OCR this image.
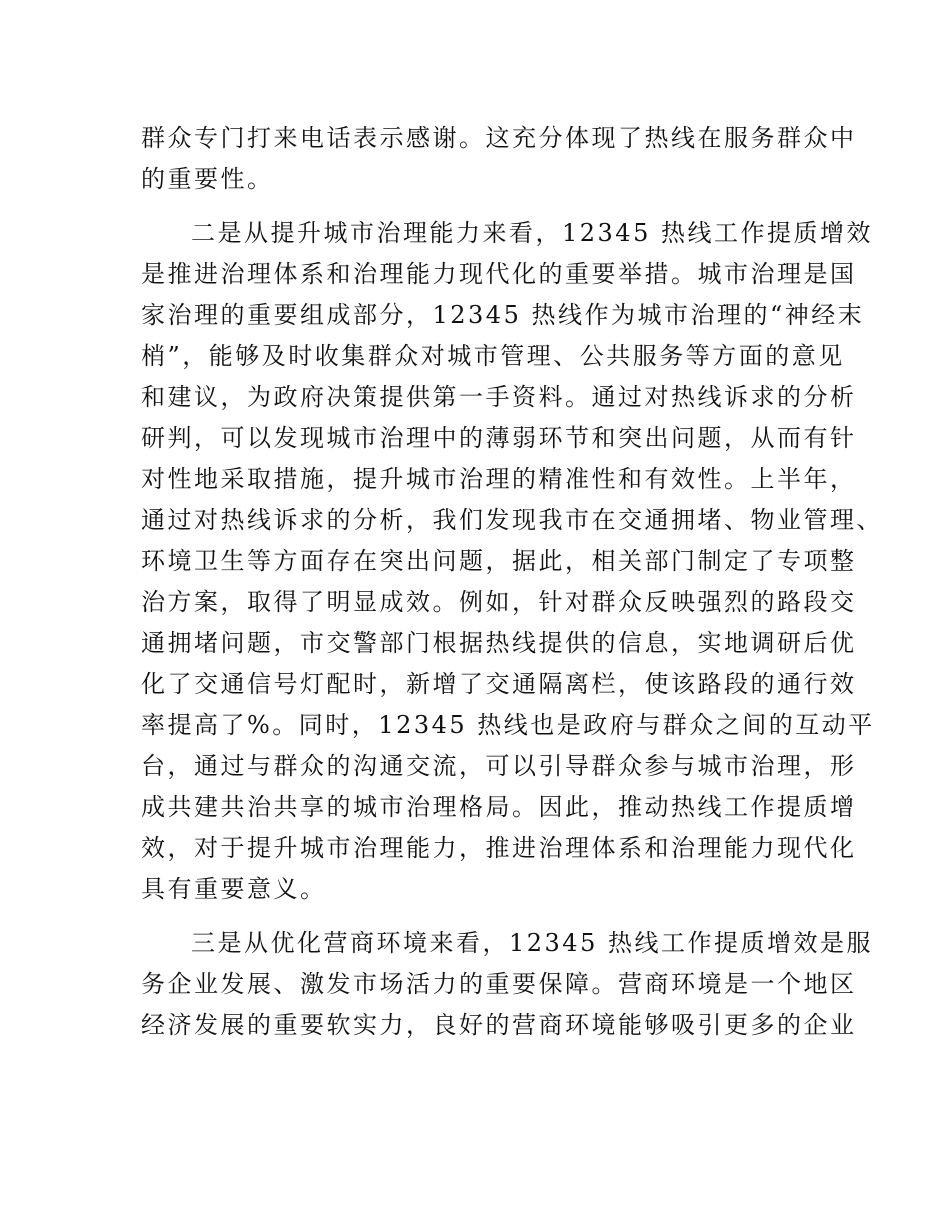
群众专门打来电话表示感谢。这充分体现了热线在服务群众中
的重要性。

二是从提升城市治理能力来看，12345 热线工作提质增效
是推进治理体系和治理能力现代化的重要举措。城市治理是国
家治理的重要组成部分，12345 热线作为城市治理的“神经末
梢”，能够及时收集群众对城市管理、公共服务等方面的意见
和建议，为政府决策提供第一手资料。通过对热线诉求的分析
研判，可以发现城市治理中的薄弱环节和突出问题，从而有针
对性地采取措施，提升城市治理的精准性和有效性。上半年，
通过对热线诉求的分析，我们发现我市在交通拥堵、物业管理、
环境卫生等方面存在突出问题，据此，相关部门制定了专项整
治方案，取得了明显成效。例如，针对群众反映强烈的路段交
通拥堵问题，市交警部门根据热线提供的信息，实地调研后优
化了交通信号灯配时，新增了交通隔离栏，使该路段的通行效
率提高了%。同时，12345 热线也是政府与群众之间的互动平
台，通过与群众的沟通交流，可以引导群众参与城市治理，形
成共建共治共享的城市治理格局。因此，推动热线工作提质增
效，对于提升城市治理能力，推进治理体系和治理能力现代化
具有重要意义。

三是从优化营商环境来看，12345 热线工作提质增效是服
务企业发展、激发市场活力的重要保障。营商环境是一个地区
经济发展的重要软实力，良好的营商环境能够吸引更多的企业
